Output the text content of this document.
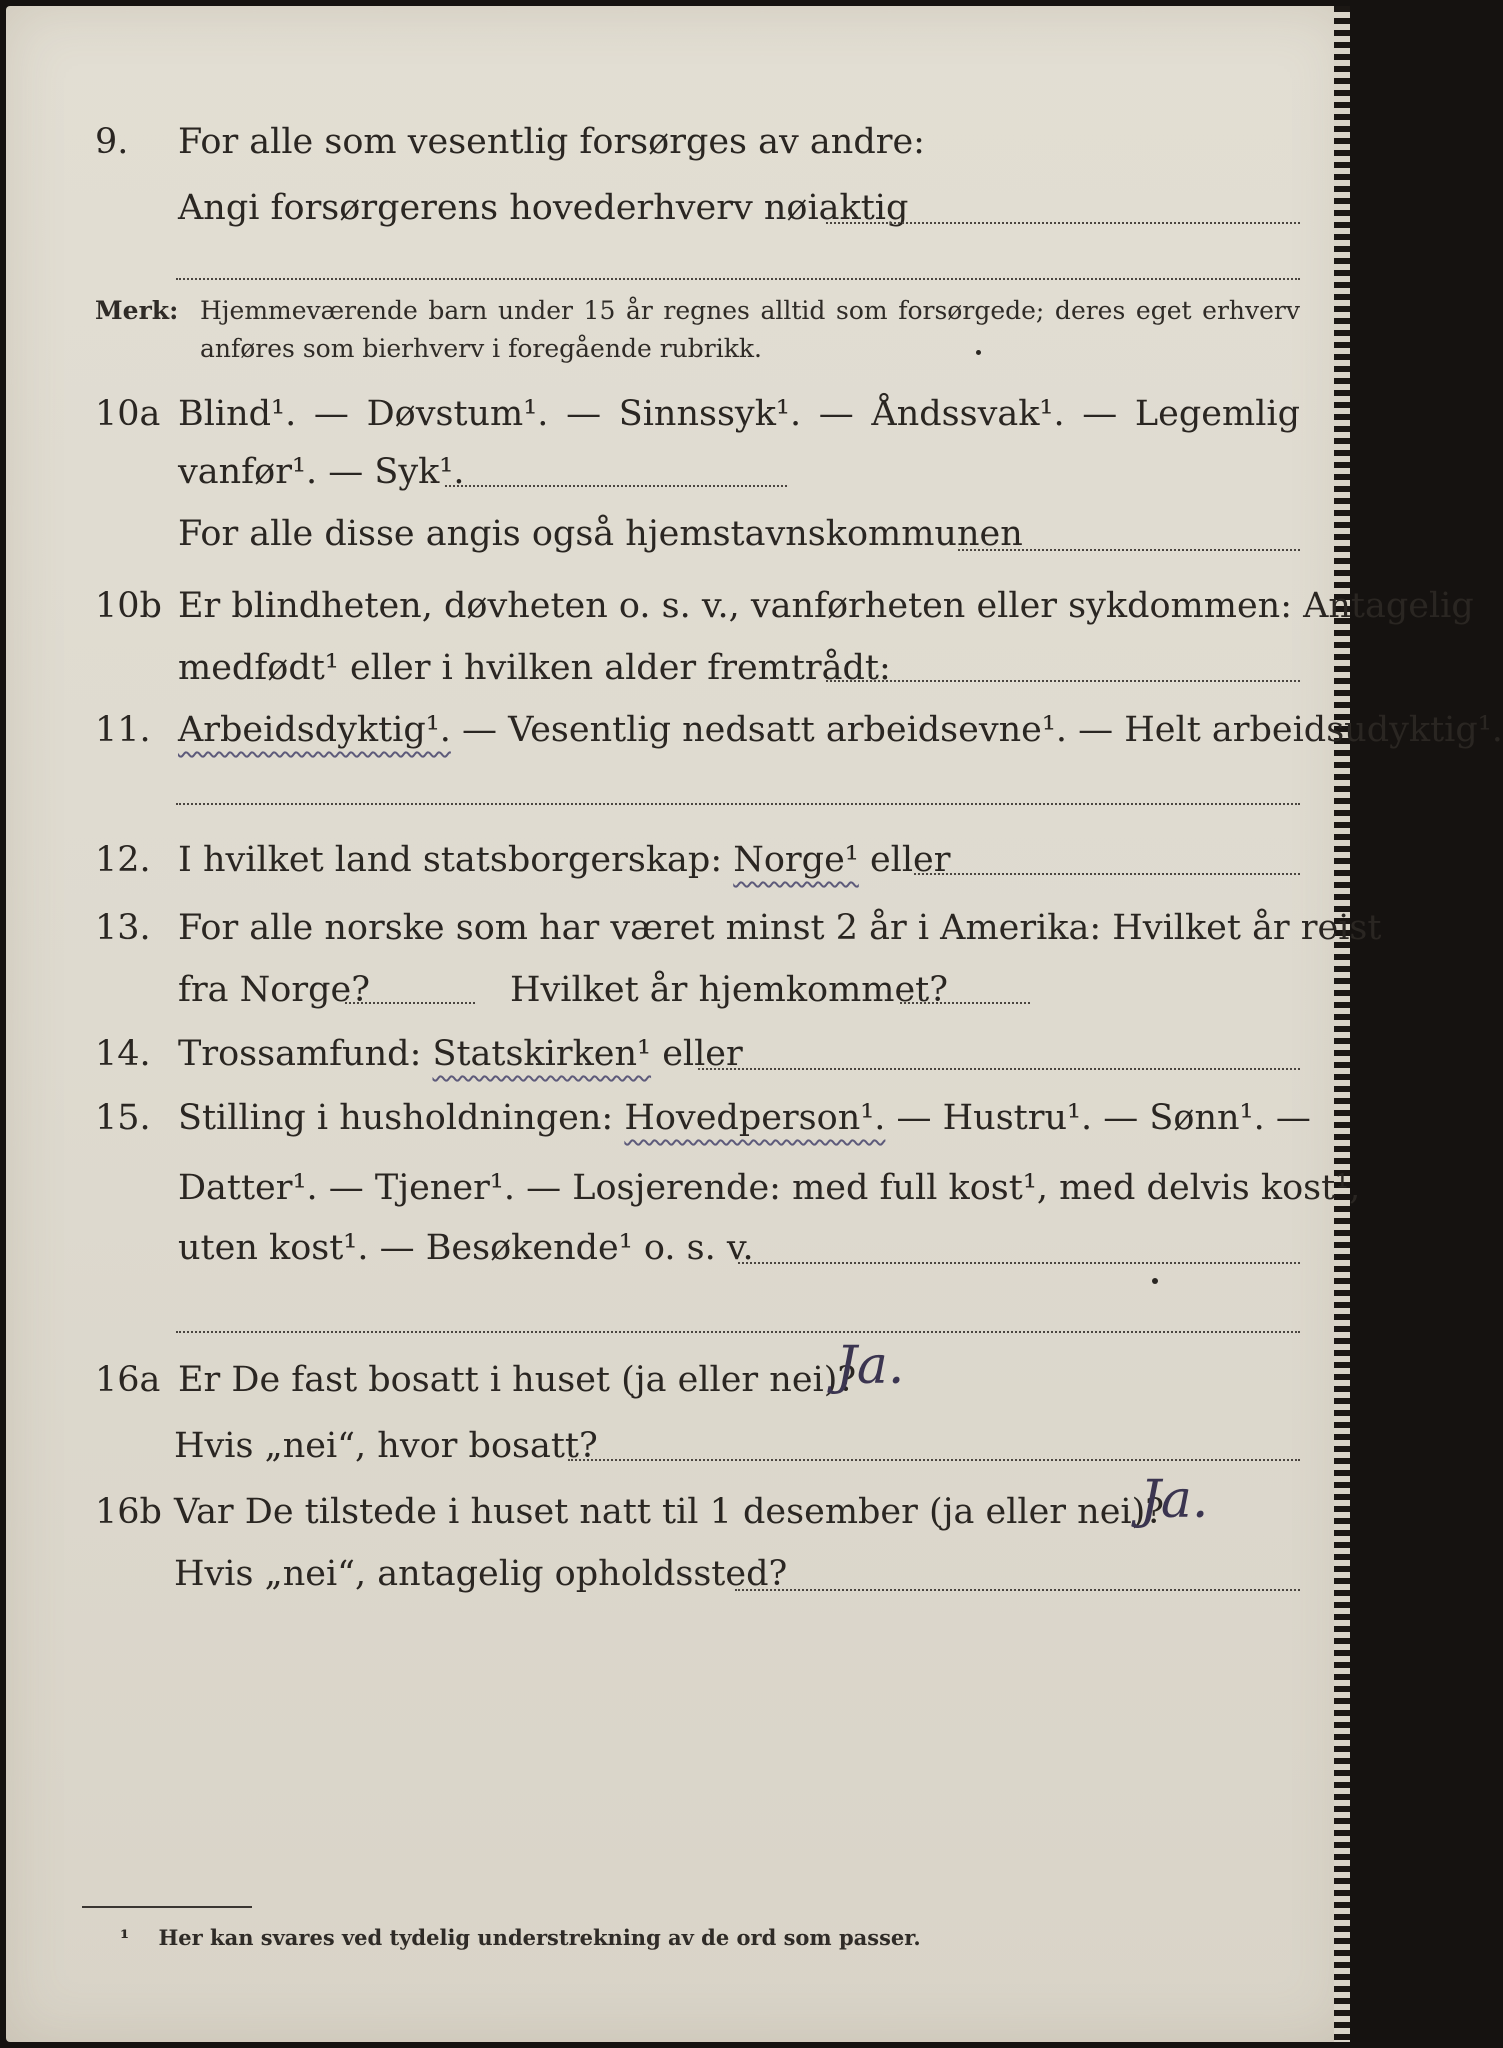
9. For alle som vesentlig forsørges av andre:
Angi forsørgerens hovederhverv nøiaktig
Merk: Hjemmeværende barn under 15 år regnes alltid som forsørgede; deres eget erhverv anføres som bierhverv i foregående rubrikk.
10a Blind¹. — Døvstum¹. — Sinnssyk¹. — Åndssvak¹. — Legemlig
vanfør¹. — Syk¹.
For alle disse angis også hjemstavnskommunen
10b Er blindheten, døvheten o. s. v., vanførheten eller sykdommen: Antagelig
medfødt¹ eller i hvilken alder fremtrådt:
11. Arbeidsdyktig¹. — Vesentlig nedsatt arbeidsevne¹. — Helt arbeidsudyktig¹.
12. I hvilket land statsborgerskap: Norge¹ eller
13. For alle norske som har været minst 2 år i Amerika: Hvilket år reist
fra Norge?	Hvilket år hjemkommet?
14. Trossamfund: Statskirken¹ eller
15. Stilling i husholdningen: Hovedperson¹. — Hustru¹. — Sønn¹. —
Datter¹. — Tjener¹. — Losjerende: med full kost¹, med delvis kost¹,
uten kost¹. — Besøkende¹ o. s. v.
16a Er De fast bosatt i huset (ja eller nei)?
Ja.
Hvis „nei“, hvor bosatt?
16b Var De tilstede i huset natt til 1 desember (ja eller nei)?
Ja.
Hvis „nei“, antagelig opholdssted?
¹ Her kan svares ved tydelig understrekning av de ord som passer.
